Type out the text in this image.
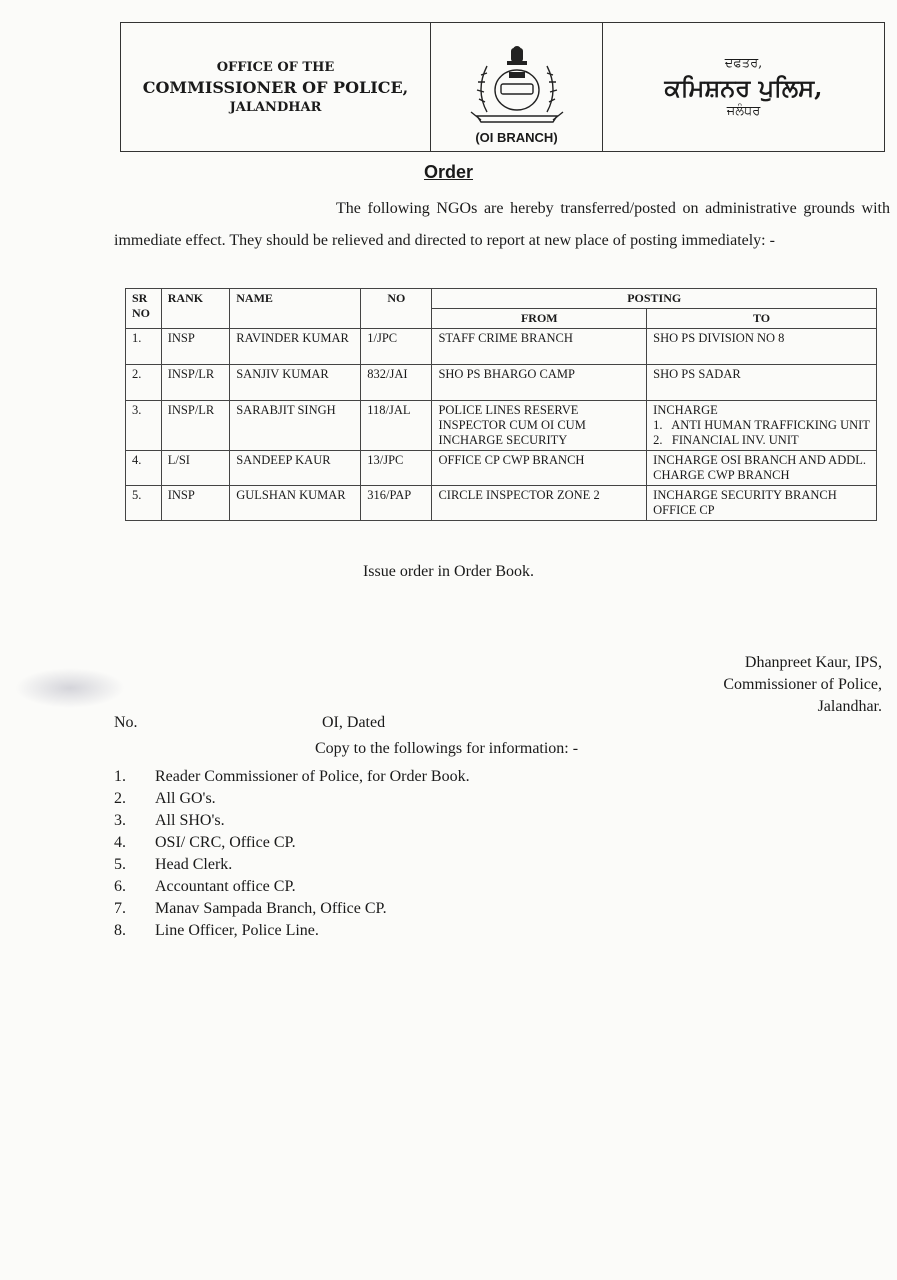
OFFICE OF THE
COMMISSIONER OF POLICE,
JALANDHAR
(OI BRANCH)
ਦਫਤਰ,
ਕਮਿਸ਼ਨਰ ਪੁਲਿਸ,
ਜਲੰਧਰ
Order
The following NGOs are hereby transferred/posted on administrative grounds with immediate effect. They should be relieved and directed to report at new place of posting immediately: -
SR NO	RANK	NAME	NO	POSTING	
				FROM	TO
1.	INSP	RAVINDER KUMAR	1/JPC	STAFF CRIME BRANCH	SHO PS DIVISION NO 8
2.	INSP/LR	SANJIV KUMAR	832/JAI	SHO PS BHARGO CAMP	SHO PS SADAR
3.	INSP/LR	SARABJIT SINGH	118/JAL	POLICE LINES RESERVE INSPECTOR CUM OI CUM INCHARGE SECURITY	INCHARGE
1.   ANTI HUMAN TRAFFICKING UNIT
2.   FINANCIAL INV. UNIT

4.	L/SI	SANDEEP KAUR	13/JPC	OFFICE CP CWP BRANCH	INCHARGE OSI BRANCH AND ADDL. CHARGE CWP BRANCH
5.	INSP	GULSHAN KUMAR	316/PAP	CIRCLE INSPECTOR ZONE 2	INCHARGE SECURITY BRANCH OFFICE CP
Issue order in Order Book.
Dhanpreet Kaur, IPS,
Commissioner of Police,
Jalandhar.
No.	OI, Dated
Copy to the followings for information: -
1.	Reader Commissioner of Police, for Order Book.
2.	All GO's.
3.	All SHO's.
4.	OSI/ CRC, Office CP.
5.	Head Clerk.
6.	Accountant office CP.
7.	Manav Sampada Branch, Office CP.
8.	Line Officer, Police Line.
